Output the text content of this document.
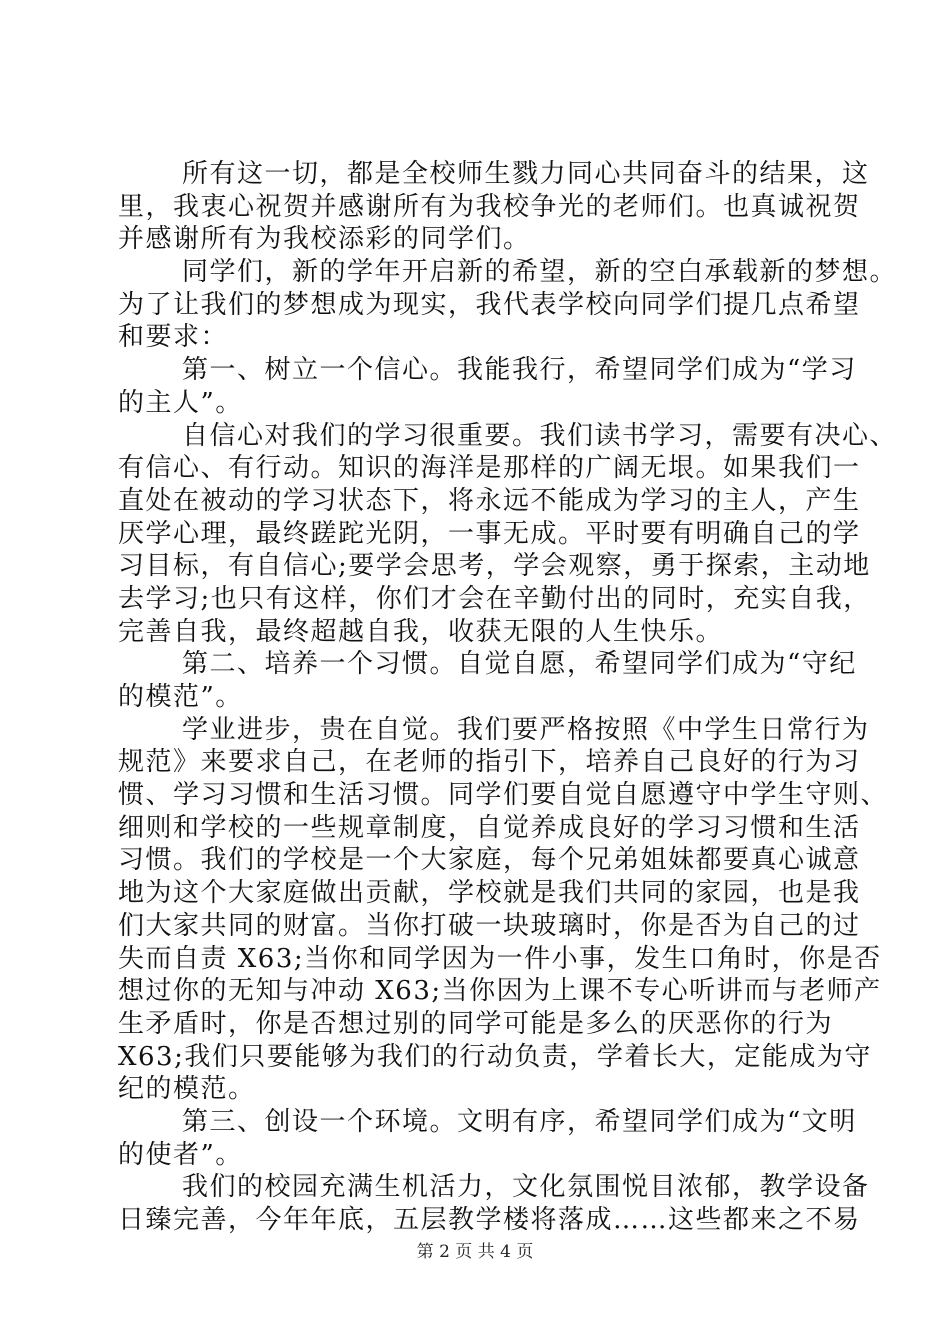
所有这一切，都是全校师生戮力同心共同奋斗的结果，这
里，我衷心祝贺并感谢所有为我校争光的老师们。也真诚祝贺
并感谢所有为我校添彩的同学们。
同学们，新的学年开启新的希望，新的空白承载新的梦想。
为了让我们的梦想成为现实，我代表学校向同学们提几点希望
和要求：
第一、树立一个信心。我能我行，希望同学们成为“学习
的主人”。
自信心对我们的学习很重要。我们读书学习，需要有决心、
有信心、有行动。知识的海洋是那样的广阔无垠。如果我们一
直处在被动的学习状态下，将永远不能成为学习的主人，产生
厌学心理，最终蹉跎光阴，一事无成。平时要有明确自己的学
习目标，有自信心;要学会思考，学会观察，勇于探索，主动地
去学习;也只有这样，你们才会在辛勤付出的同时，充实自我，
完善自我，最终超越自我，收获无限的人生快乐。
第二、培养一个习惯。自觉自愿，希望同学们成为“守纪
的模范”。
学业进步，贵在自觉。我们要严格按照《中学生日常行为
规范》来要求自己，在老师的指引下，培养自己良好的行为习
惯、学习习惯和生活习惯。同学们要自觉自愿遵守中学生守则、
细则和学校的一些规章制度，自觉养成良好的学习习惯和生活
习惯。我们的学校是一个大家庭，每个兄弟姐妹都要真心诚意
地为这个大家庭做出贡献，学校就是我们共同的家园，也是我
们大家共同的财富。当你打破一块玻璃时，你是否为自己的过
失而自责 X63;当你和同学因为一件小事，发生口角时，你是否
想过你的无知与冲动 X63;当你因为上课不专心听讲而与老师产
生矛盾时，你是否想过别的同学可能是多么的厌恶你的行为
X63;我们只要能够为我们的行动负责，学着长大，定能成为守
纪的模范。
第三、创设一个环境。文明有序，希望同学们成为“文明
的使者”。
我们的校园充满生机活力，文化氛围悦目浓郁，教学设备
日臻完善，今年年底，五层教学楼将落成……这些都来之不易
第 2 页 共 4 页
